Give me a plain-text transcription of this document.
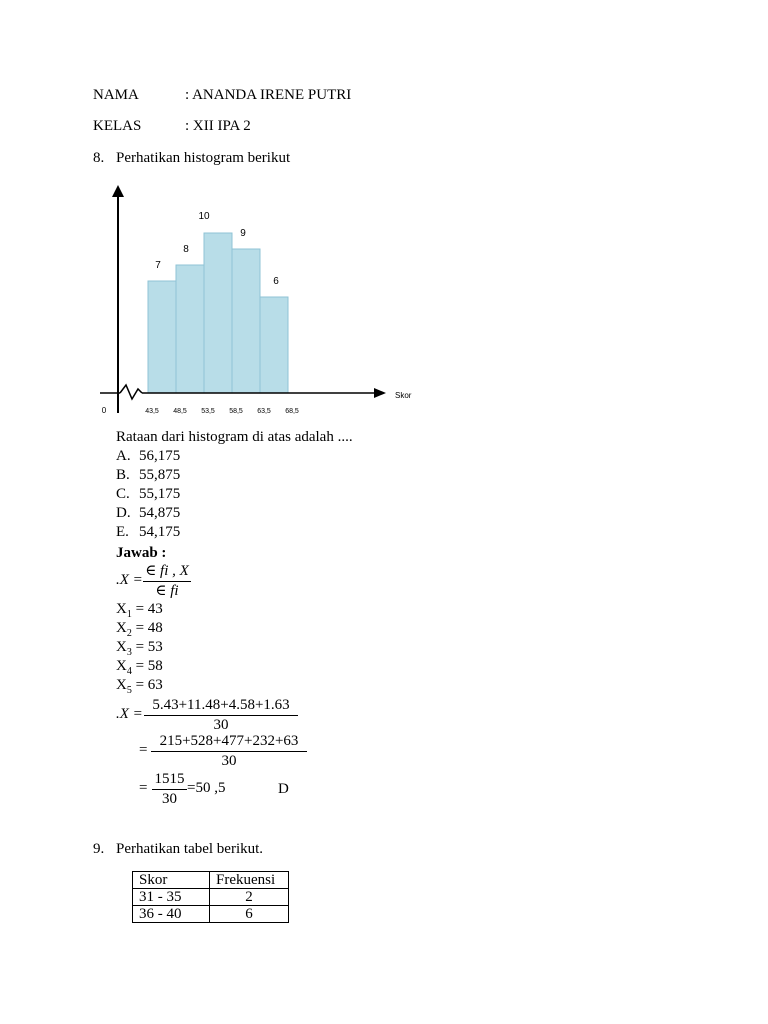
NAMA	: ANANDA IRENE PUTRI
KELAS	: XII IPA 2
8. Perhatikan histogram berikut
7
8
10
9
6
43,5 48,5 53,5 58,5 63,5 68,5
0
Skor
Rataan dari histogram di atas adalah ....
A. 56,175
B. 55,875
C. 55,175
D. 54,875
E. 54,175
Jawab :
.X =
∈ fi , X
∈ fi
$X_1 = 43$
$X_2 = 48$
$X_3 = 53$
$X_4 = 58$
$X_5 = 63$
.X =
5.43+11.48+4.58+1.63
30
=
215+528+477+232+63
30
=
1515
30
=50 ,5	D
9. Perhatikan tabel berikut.
Skor	Frekuensi
31 - 35	2
36 - 40	6
